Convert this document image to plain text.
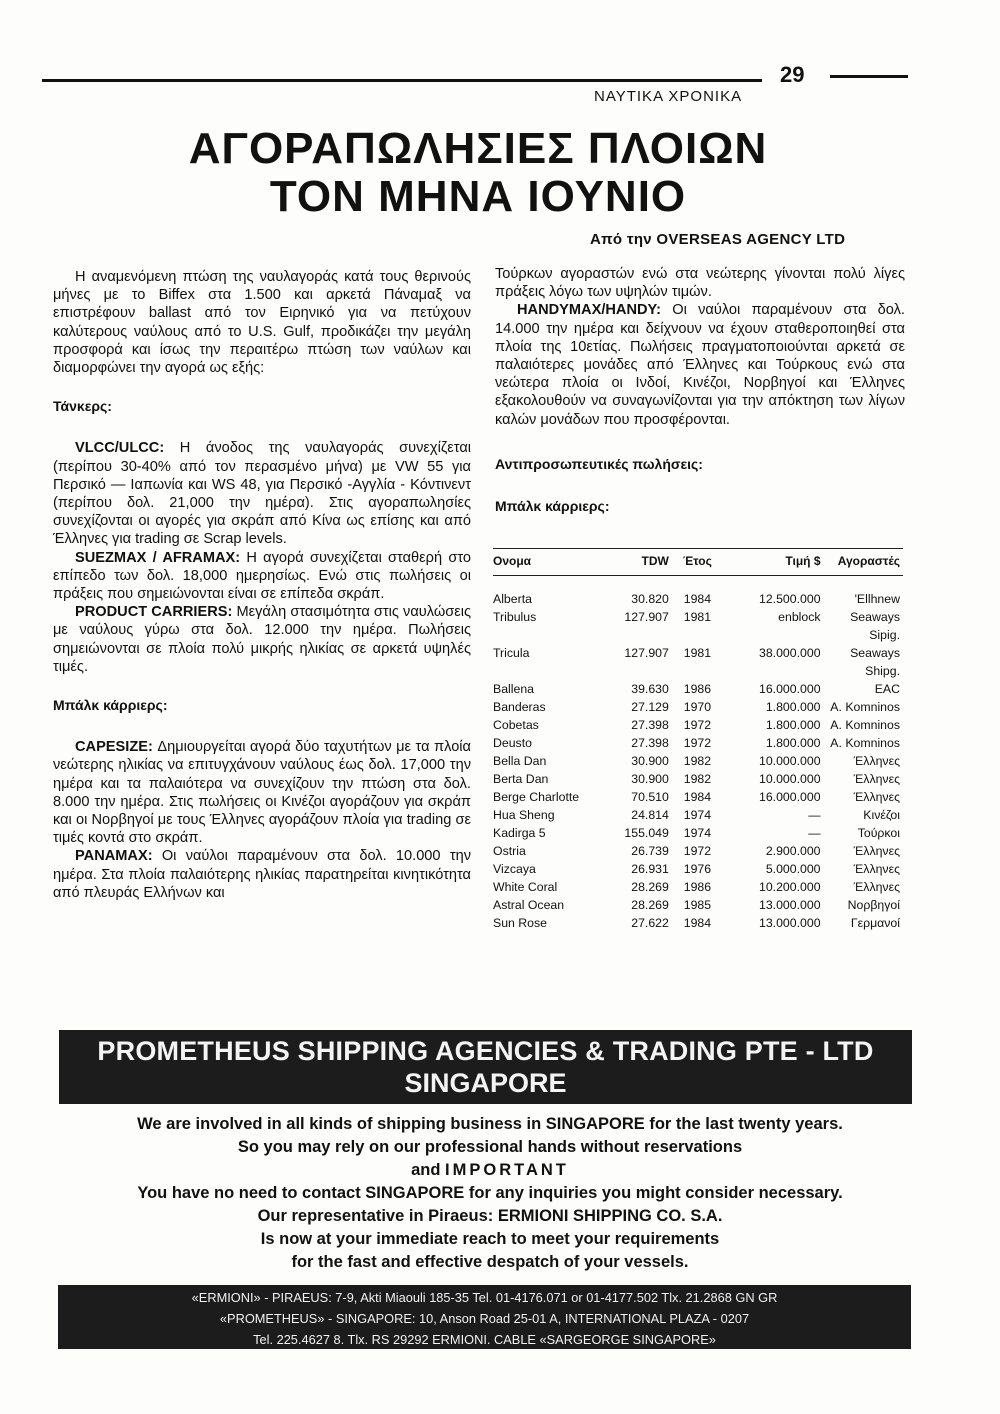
ΝΑΥΤΙΚΑ ΧΡΟΝΙΚΑ
29
ΑΓΟΡΑΠΩΛΗΣΙΕΣ ΠΛΟΙΩΝ
ΤΟΝ ΜΗΝΑ ΙΟΥΝΙΟ
Από την OVERSEAS AGENCY LTD

Η αναμενόμενη πτώση της ναυλαγοράς κατά τους θερινούς μήνες με το Biffex στα 1.500 και αρκετά Πάναμαξ να επιστρέφουν ballast από τον Ειρηνικό για να πετύχουν καλύτερους ναύλους από το U.S. Gulf, προδικάζει την μεγάλη προσφορά και ίσως την περαιτέρω πτώση των ναύλων και διαμορφώνει την αγορά ως εξής:

Τάνκερς:

VLCC/ULCC: Η άνοδος της ναυλαγοράς συνεχίζεται (περίπου 30-40% από τον περασμένο μήνα) με VW 55 για Περσικό — Ιαπωνία και WS 48, για Περσικό -Αγγλία - Κόντινεντ (περίπου δολ. 21,000 την ημέρα). Στις αγοραπωλησίες συνεχίζονται οι αγορές για σκράπ από Κίνα ως επίσης και από Έλληνες για trading σε Scrap levels.

SUEZMAX / AFRAMAX: Η αγορά συνεχίζεται σταθερή στο επίπεδο των δολ. 18,000 ημερησίως. Ενώ στις πωλήσεις οι πράξεις που σημειώνονται είναι σε επίπεδα σκράπ.

PRODUCT CARRIERS: Μεγάλη στασιμότητα στις ναυλώσεις με ναύλους γύρω στα δολ. 12.000 την ημέρα. Πωλήσεις σημειώνονται σε πλοία πολύ μικρής ηλικίας σε αρκετά υψηλές τιμές.

Μπάλκ κάρριερς:

CAPESIZE: Δημιουργείται αγορά δύο ταχυτήτων με τα πλοία νεώτερης ηλικίας να επιτυγχάνουν ναύλους έως δολ. 17,000 την ημέρα και τα παλαιότερα να συνεχίζουν την πτώση στα δολ. 8.000 την ημέρα. Στις πωλήσεις οι Κινέζοι αγοράζουν για σκράπ και οι Νορβηγοί με τους Έλληνες αγοράζουν πλοία για trading σε τιμές κοντά στο σκράπ.

PANAMAX: Οι ναύλοι παραμένουν στα δολ. 10.000 την ημέρα. Στα πλοία παλαιότερης ηλικίας παρατηρείται κινητικότητα από πλευράς Ελλήνων και

Τούρκων αγοραστών ενώ στα νεώτερης γίνονται πολύ λίγες πράξεις λόγω των υψηλών τιμών.

HANDYMAX/HANDY: Οι ναύλοι παραμένουν στα δολ. 14.000 την ημέρα και δείχνουν να έχουν σταθεροποιηθεί στα πλοία της 10ετίας. Πωλήσεις πραγματοποιούνται αρκετά σε παλαιότερες μονάδες από Έλληνες και Τούρκους ενώ στα νεώτερα πλοία οι Ινδοί, Κινέζοι, Νορβηγοί και Έλληνες εξακολουθούν να συναγωνίζονται για την απόκτηση των λίγων καλών μονάδων που προσφέρονται.

Αντιπροσωπευτικές πωλήσεις:

Μπάλκ κάρριερς:

Ονομα	TDW	Έτος	Τιμή $	Αγοραστές

Alberta	30.820	1984	12.500.000	'Ellhnew
Tribulus	127.907	1981	enblock	Seaways Sipig.
Tricula	127.907	1981	38.000.000	Seaways Shipg.
Ballena	39.630	1986	16.000.000	EAC
Banderas	27.129	1970	1.800.000	A. Komninos
Cobetas	27.398	1972	1.800.000	A. Komninos
Deusto	27.398	1972	1.800.000	A. Komninos
Bella Dan	30.900	1982	10.000.000	Έλληνες
Berta Dan	30.900	1982	10.000.000	Έλληνες
Berge Charlotte	70.510	1984	16.000.000	Έλληνες
Hua Sheng	24.814	1974	—	Κινέζοι
Kadirga 5	155.049	1974	—	Τούρκοι
Ostria	26.739	1972	2.900.000	Έλληνες
Vizcaya	26.931	1976	5.000.000	Έλληνες
White Coral	28.269	1986	10.200.000	Έλληνες
Astral Ocean	28.269	1985	13.000.000	Νορβηγοί
Sun Rose	27.622	1984	13.000.000	Γερμανοί
PROMETHEUS SHIPPING AGENCIES & TRADING PTE - LTD
SINGAPORE
We are involved in all kinds of shipping business in SINGAPORE for the last twenty years.
So you may rely on our professional hands without reservations
and IMPORTANT
You have no need to contact SINGAPORE for any inquiries you might consider necessary.
Our representative in Piraeus: ERMIONI SHIPPING CO. S.A.
Is now at your immediate reach to meet your requirements
for the fast and effective despatch of your vessels.
«ERMIONI» - PIRAEUS: 7-9, Akti Miaouli 185-35 Tel. 01-4176.071 or 01-4177.502 Tlx. 21.2868 GN GR
«PROMETHEUS» - SINGAPORE: 10, Anson Road 25-01 A, INTERNATIONAL PLAZA - 0207
Tel. 225.4627 8. Tlx. RS 29292 ERMIONI. CABLE «SARGEORGE SINGAPORE»
